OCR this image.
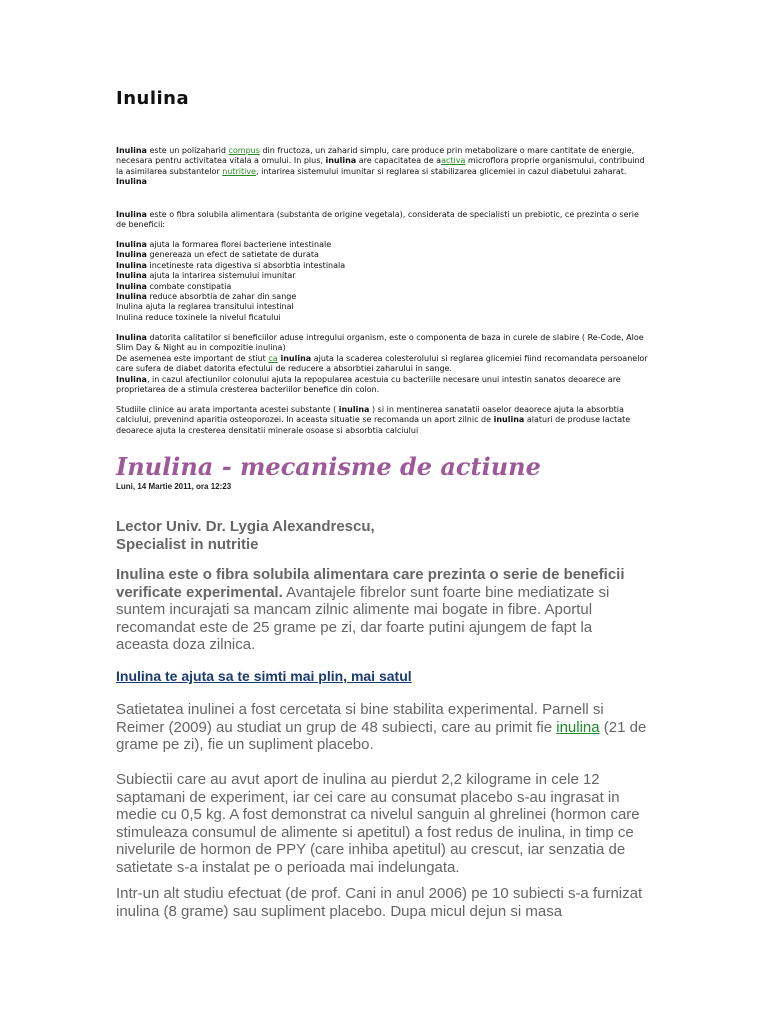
Inulina

Inulina este un polizaharid compus din fructoza, un zaharid simplu, care produce prin metabolizare o mare cantitate de energie, necesara pentru activitatea vitala a omului. In plus, inulina are capacitatea de aactiva microflora proprie organismului, contribuind la asimilarea substantelor nutritive, intarirea sistemului imunitar si reglarea si stabilizarea glicemiei in cazul diabetului zaharat.

Inulina

Inulina este o fibra solubila alimentara (substanta de origine vegetala), considerata de specialisti un prebiotic, ce prezinta o serie de beneficii:

Inulina ajuta la formarea florei bacteriene intestinale

Inulina genereaza un efect de satietate de durata

Inulina incetineste rata digestiva si absorbtia intestinala

Inulina ajuta la intarirea sistemului imunitar

Inulina combate constipatia

Inulina reduce absorbtia de zahar din sange

Inulina ajuta la reglarea transitului intestinal

Inulina reduce toxinele la nivelul ficatului

Inulina datorita calitatilor si beneficiilor aduse intregului organism, este o componenta de baza in curele de slabire ( Re-Code, Aloe Slim Day & Night au in compozitie inulina)

De asemenea este important de stiut ca inulina ajuta la scaderea colesterolului si reglarea glicemiei fiind recomandata persoanelor care sufera de diabet datorita efectului de reducere a absorbtiei zaharului in sange.

Inulina, in cazul afectiunilor colonului ajuta la repopularea acestuia cu bacteriile necesare unui intestin sanatos deoarece are proprietarea de a stimula cresterea bacteriilor benefice din colon.

Studiile clinice au arata importanta acestei substante ( inulina ) si in mentinerea sanatatii oaselor deaorece ajuta la absorbtia calciului, prevenind aparitia osteoporozei. In aceasta situatie se recomanda un aport zilnic de inulina alaturi de produse lactate deoarece ajuta la cresterea densitatii minerale osoase si absorbtia calciului

Inulina - mecanisme de actiune
Luni, 14 Martie 2011, ora 12:23

Lector Univ. Dr. Lygia Alexandrescu,

Specialist in nutritie

Inulina este o fibra solubila alimentara care prezinta o serie de beneficii verificate experimental. Avantajele fibrelor sunt foarte bine mediatizate si suntem incurajati sa mancam zilnic alimente mai bogate in fibre. Aportul recomandat este de 25 grame pe zi, dar foarte putini ajungem de fapt la aceasta doza zilnica.

Inulina te ajuta sa te simti mai plin, mai satul

Satietatea inulinei a fost cercetata si bine stabilita experimental. Parnell si Reimer (2009) au studiat un grup de 48 subiecti, care au primit fie inulina (21 de grame pe zi), fie un supliment placebo.

Subiectii care au avut aport de inulina au pierdut 2,2 kilograme in cele 12 saptamani de experiment, iar cei care au consumat placebo s-au ingrasat in medie cu 0,5 kg. A fost demonstrat ca nivelul sanguin al ghrelinei (hormon care stimuleaza consumul de alimente si apetitul) a fost redus de inulina, in timp ce nivelurile de hormon de PPY (care inhiba apetitul) au crescut, iar senzatia de satietate s-a instalat pe o perioada mai indelungata.

Intr-un alt studiu efectuat (de prof. Cani in anul 2006) pe 10 subiecti s-a furnizat inulina (8 grame) sau supliment placebo. Dupa micul dejun si masa
